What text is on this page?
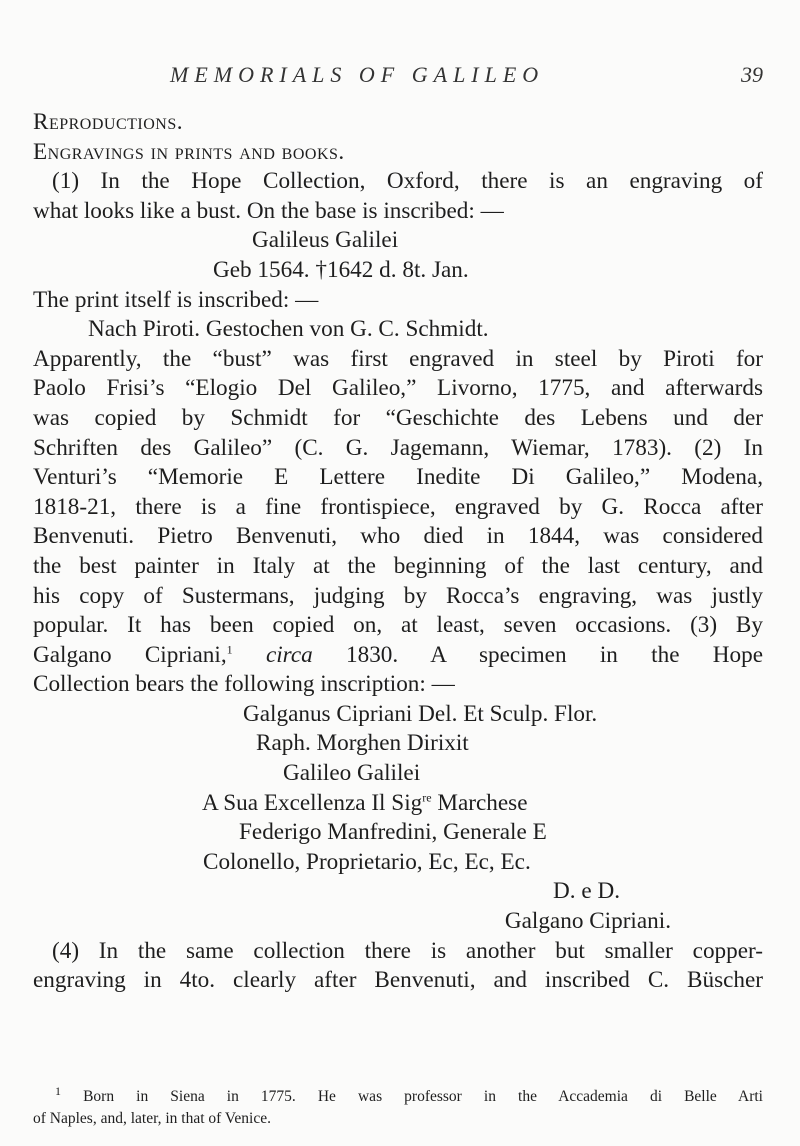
MEMORIALS OF GALILEO	39
Reproductions.
Engravings in prints and books.
(1) In the Hope Collection, Oxford, there is an engraving of
what looks like a bust. On the base is inscribed: —
Galileus Galilei
Geb 1564. †1642 d. 8t. Jan.
The print itself is inscribed: —
Nach Piroti. Gestochen von G. C. Schmidt.
Apparently, the “bust” was first engraved in steel by Piroti for
Paolo Frisi’s “Elogio Del Galileo,” Livorno, 1775, and afterwards
was copied by Schmidt for “Geschichte des Lebens und der
Schriften des Galileo” (C. G. Jagemann, Wiemar, 1783). (2) In
Venturi’s “Memorie E Lettere Inedite Di Galileo,” Modena,
1818-21, there is a fine frontispiece, engraved by G. Rocca after
Benvenuti. Pietro Benvenuti, who died in 1844, was considered
the best painter in Italy at the beginning of the last century, and
his copy of Sustermans, judging by Rocca’s engraving, was justly
popular. It has been copied on, at least, seven occasions. (3) By
Galgano Cipriani,$^1$ circa 1830. A specimen in the Hope
Collection bears the following inscription: —
Galganus Cipriani Del. Et Sculp. Flor.
Raph. Morghen Dirixit
Galileo Galilei
A Sua Excellenza Il Sig$^{re}$ Marchese
Federigo Manfredini, Generale E
Colonello, Proprietario, Ec, Ec, Ec.
D. e D.
Galgano Cipriani.
(4) In the same collection there is another but smaller copper-
engraving in 4to. clearly after Benvenuti, and inscribed C. Büscher
$^1$ Born in Siena in 1775. He was professor in the Accademia di Belle Arti
of Naples, and, later, in that of Venice.
